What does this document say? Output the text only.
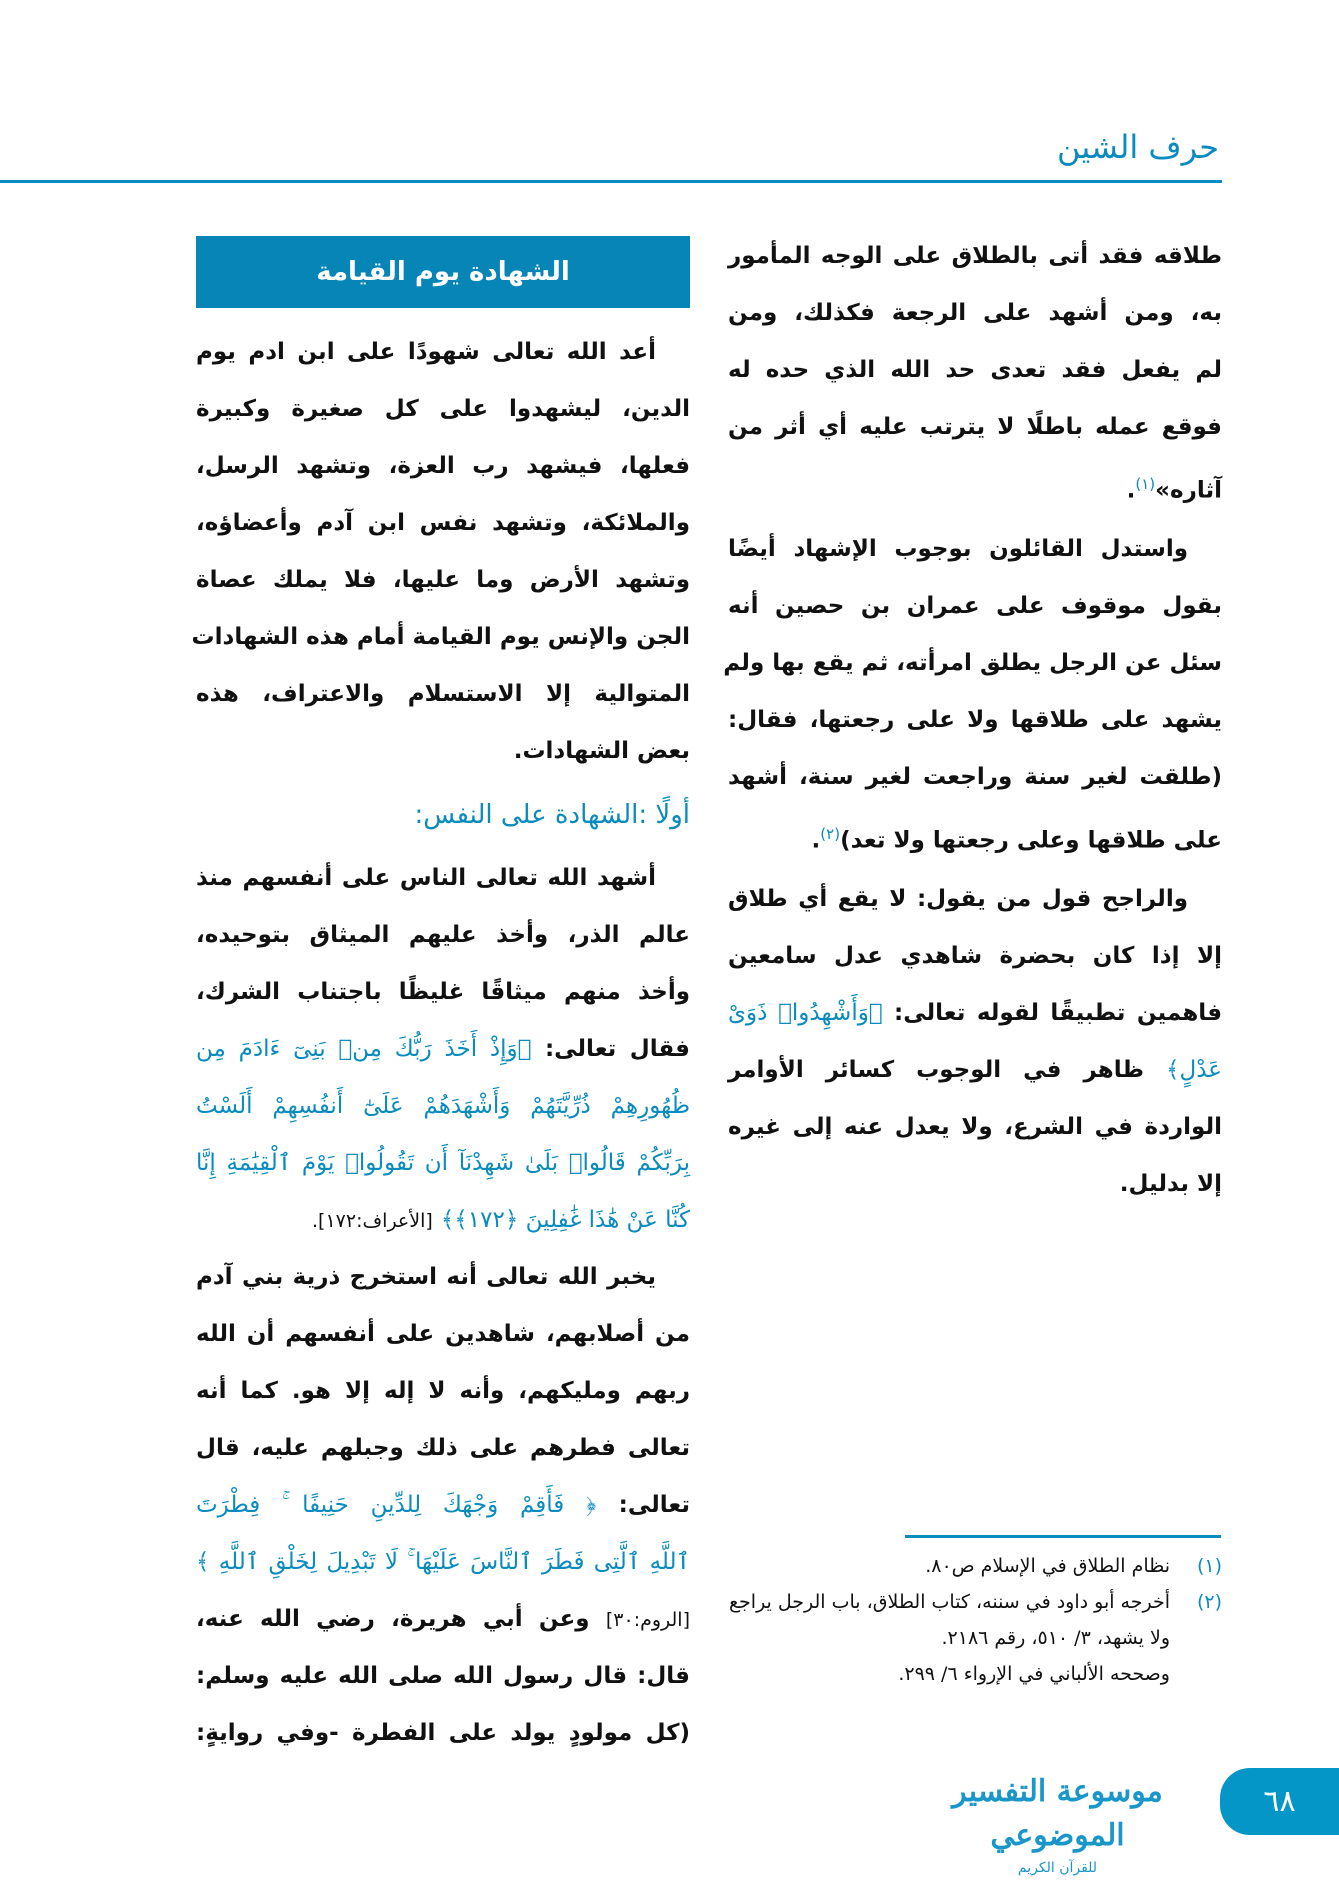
حرف الشين
طلاقه فقد أتى بالطلاق على الوجه المأمور
به، ومن أشهد على الرجعة فكذلك، ومن
لم يفعل فقد تعدى حد الله الذي حده له
فوقع عمله باطلًا لا يترتب عليه أي أثر من
آثاره»$^{(١)}$.
واستدل القائلون بوجوب الإشهاد أيضًا
بقول موقوف على عمران بن حصين أنه
سئل عن الرجل يطلق امرأته، ثم يقع بها ولم
يشهد على طلاقها ولا على رجعتها، فقال:
(طلقت لغير سنة وراجعت لغير سنة، أشهد
على طلاقها وعلى رجعتها ولا تعد)$^{(٢)}$.
والراجح قول من يقول: لا يقع أي طلاق
إلا إذا كان بحضرة شاهدي عدل سامعين
فاهمين تطبيقًا لقوله تعالى: ﴿وَأَشْهِدُوا۟ ذَوَىْ
عَدْلٍ﴾ ظاهر في الوجوب كسائر الأوامر
الواردة في الشرع، ولا يعدل عنه إلى غيره
إلا بدليل.
الشهادة يوم القيامة
أعد الله تعالى شهودًا على ابن ادم يوم
الدين، ليشهدوا على كل صغيرة وكبيرة
فعلها، فيشهد رب العزة، وتشهد الرسل،
والملائكة، وتشهد نفس ابن آدم وأعضاؤه،
وتشهد الأرض وما عليها، فلا يملك عصاة
الجن والإنس يوم القيامة أمام هذه الشهادات
المتوالية إلا الاستسلام والاعتراف، هذه
بعض الشهادات.
أولًا :الشهادة على النفس:
أشهد الله تعالى الناس على أنفسهم منذ
عالم الذر، وأخذ عليهم الميثاق بتوحيده،
وأخذ منهم ميثاقًا غليظًا باجتناب الشرك،
فقال تعالى: ﴿وَإِذْ أَخَذَ رَبُّكَ مِنۢ بَنِىٓ ءَادَمَ مِن
ظُهُورِهِمْ ذُرِّيَّتَهُمْ وَأَشْهَدَهُمْ عَلَىٰٓ أَنفُسِهِمْ أَلَسْتُ
بِرَبِّكُمْ قَالُوا۟ بَلَىٰ شَهِدْنَآ أَن تَقُولُوا۟ يَوْمَ ٱلْقِيَٰمَةِ إِنَّا
كُنَّا عَنْ هَٰذَا غَٰفِلِينَ ﴿١٧٢﴾﴾ [الأعراف:١٧٢].
يخبر الله تعالى أنه استخرج ذرية بني آدم
من أصلابهم، شاهدين على أنفسهم أن الله
ربهم ومليكهم، وأنه لا إله إلا هو. كما أنه
تعالى فطرهم على ذلك وجبلهم عليه، قال
تعالى: ﴿ فَأَقِمْ وَجْهَكَ لِلدِّينِ حَنِيفًا ۚ فِطْرَتَ
ٱللَّهِ ٱلَّتِى فَطَرَ ٱلنَّاسَ عَلَيْهَا ۚ لَا تَبْدِيلَ لِخَلْقِ ٱللَّهِ ﴾
[الروم:٣٠] وعن أبي هريرة، رضي الله عنه،
قال: قال رسول الله صلى الله عليه وسلم:
(كل مولودٍ يولد على الفطرة -وفي روايةٍ:
(١)
نظام الطلاق في الإسلام ص٨٠.
(٢)
أخرجه أبو داود في سننه، كتاب الطلاق، باب الرجل يراجع ولا يشهد، ٣/ ٥١٠، رقم ٢١٨٦.
وصححه الألباني في الإرواء ٦/ ٢٩٩.
موسوعة التفسير الموضوعي
للقرآن الكريم
٦٨
